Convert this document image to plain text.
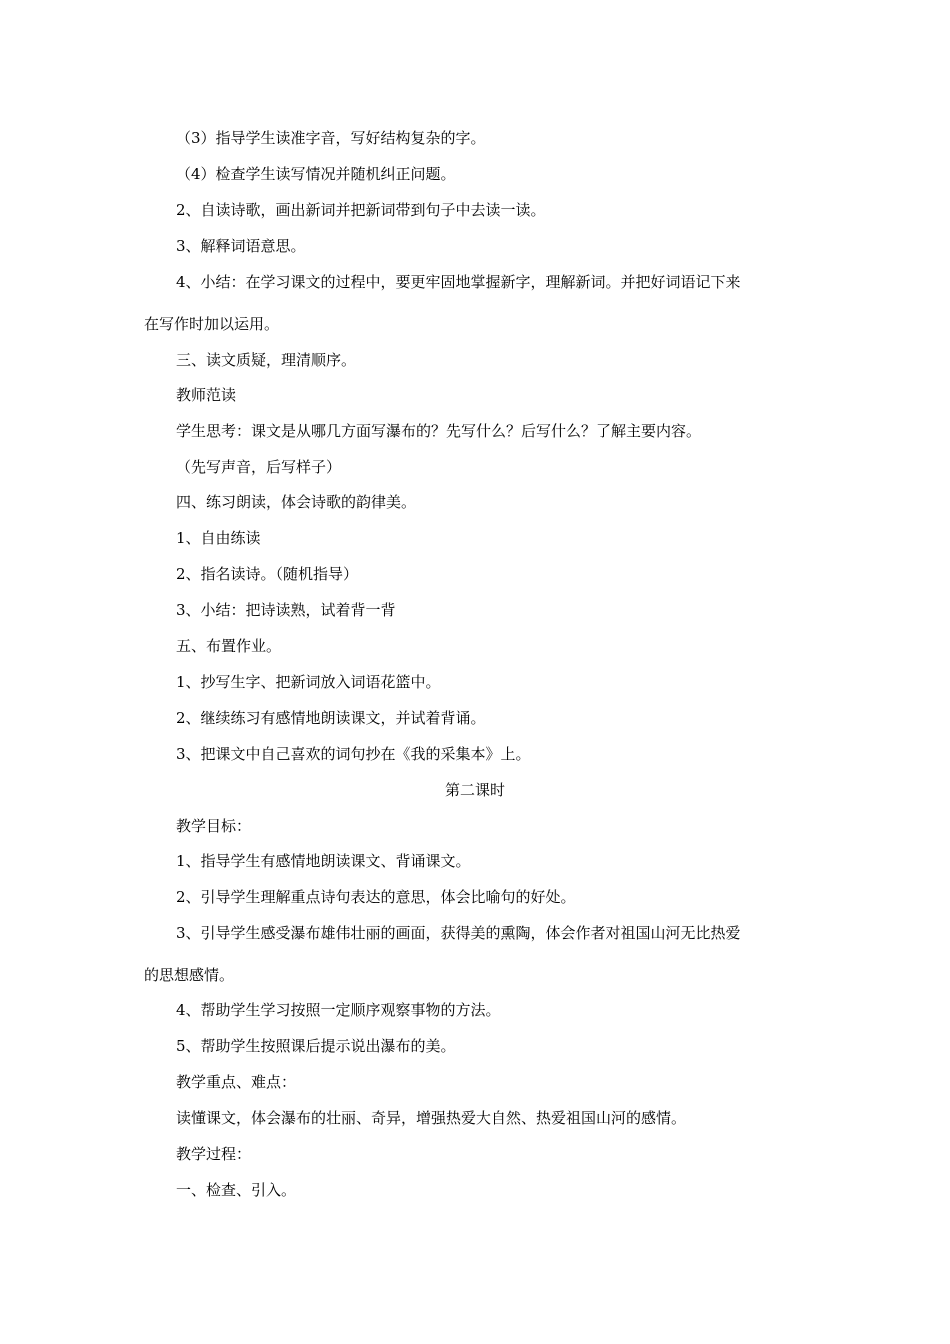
（3）指导学生读准字音，写好结构复杂的字。
（4）检查学生读写情况并随机纠正问题。
2、自读诗歌，画出新词并把新词带到句子中去读一读。
3、解释词语意思。
4、小结：在学习课文的过程中，要更牢固地掌握新字，理解新词。并把好词语记下来
在写作时加以运用。
三、读文质疑，理清顺序。
教师范读
学生思考：课文是从哪几方面写瀑布的？先写什么？后写什么？了解主要内容。
（先写声音，后写样子）
四、练习朗读，体会诗歌的韵律美。
1、自由练读
2、指名读诗。（随机指导）
3、小结：把诗读熟，试着背一背
五、布置作业。
1、抄写生字、把新词放入词语花篮中。
2、继续练习有感情地朗读课文，并试着背诵。
3、把课文中自己喜欢的词句抄在《我的采集本》上。
第二课时
教学目标：
1、指导学生有感情地朗读课文、背诵课文。
2、引导学生理解重点诗句表达的意思，体会比喻句的好处。
3、引导学生感受瀑布雄伟壮丽的画面，获得美的熏陶，体会作者对祖国山河无比热爱
的思想感情。
4、帮助学生学习按照一定顺序观察事物的方法。
5、帮助学生按照课后提示说出瀑布的美。
教学重点、难点：
读懂课文，体会瀑布的壮丽、奇异，增强热爱大自然、热爱祖国山河的感情。
教学过程：
一、检查、引入。
